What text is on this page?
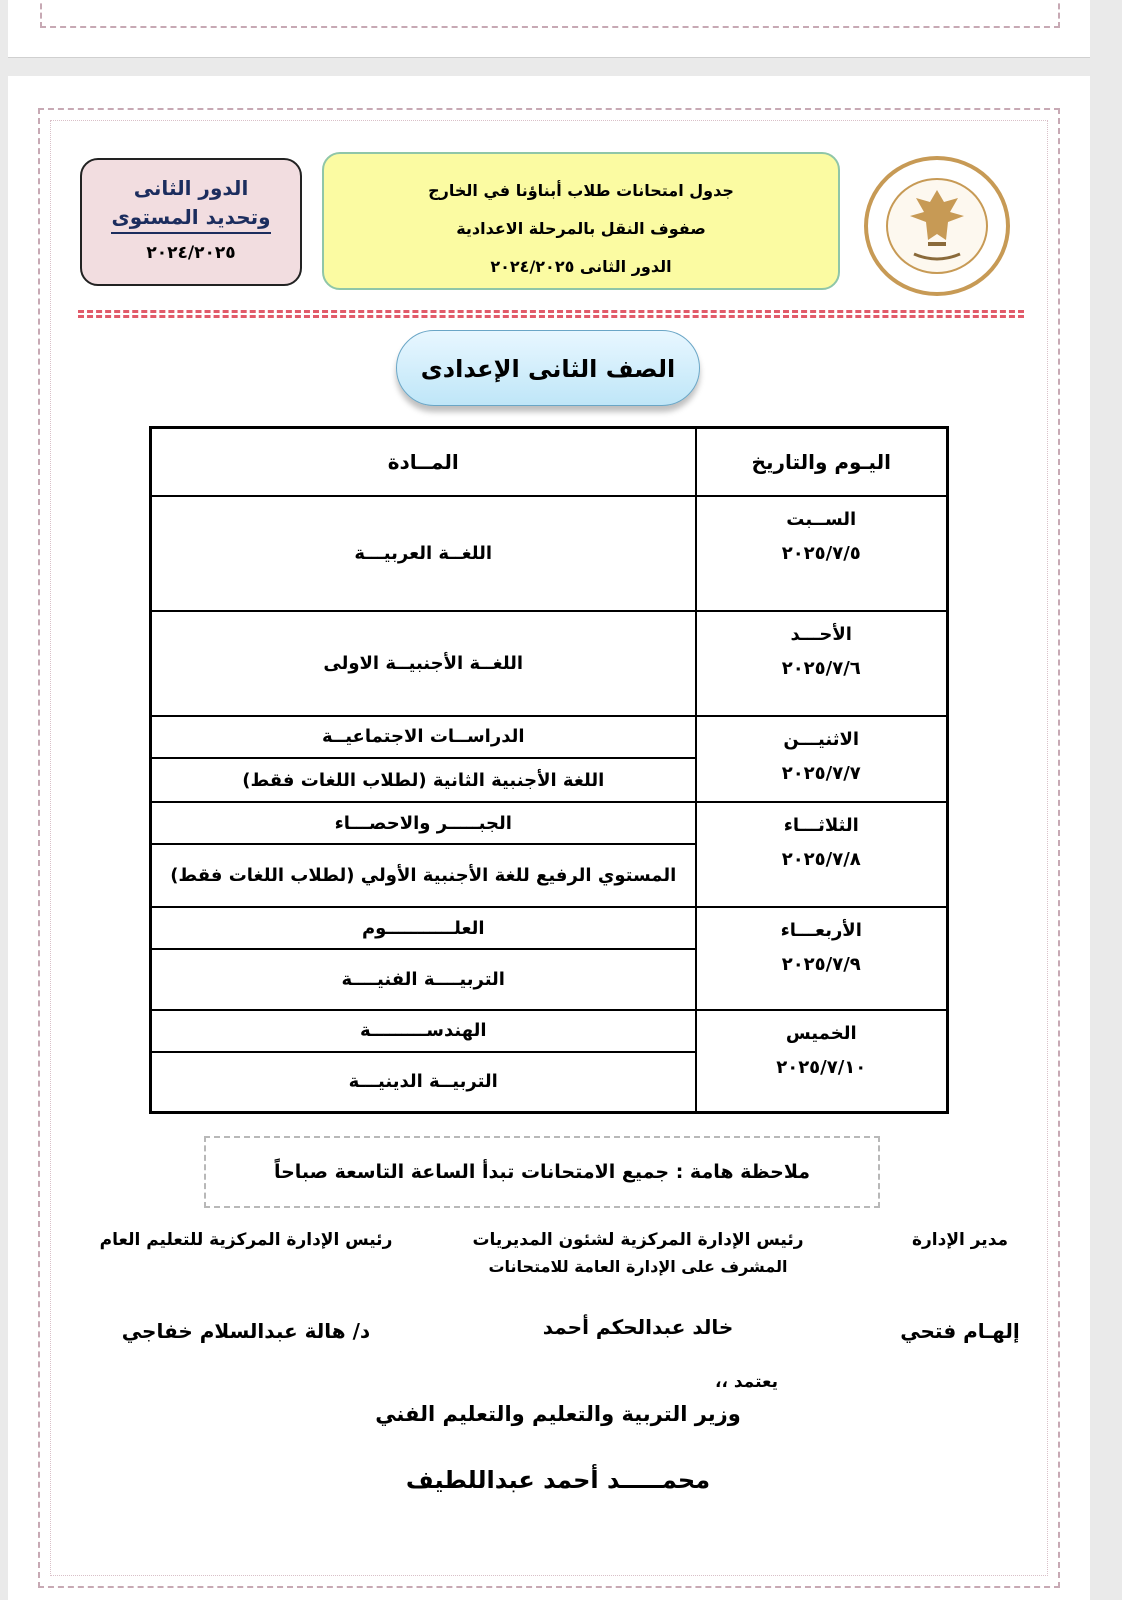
الدور الثانى
وتحديد المستوى
٢٠٢٤/٢٠٢٥
جدول امتحانات طلاب أبناؤنا في الخارج
صفوف النقل بالمرحلة الاعدادية
الدور الثانى ٢٠٢٤/٢٠٢٥
الصف الثانى الإعدادى
اليـوم والتاريخ	المــادة

الســبت
٢٠٢٥/٧/٥	اللغــة العربيـــة

الأحـــد
٢٠٢٥/٧/٦	اللغــة الأجنبيــة الاولى

الاثنيـــن
٢٠٢٥/٧/٧	الدراســات الاجتماعيــة
	اللغة الأجنبية الثانية (لطلاب اللغات فقط)

الثلاثـــاء
٢٠٢٥/٧/٨	الجبـــــر والاحصـــاء
	المستوي الرفيع للغة الأجنبية الأولي (لطلاب اللغات فقط)

الأربعـــاء
٢٠٢٥/٧/٩	العلـــــــــــوم
	التربيــــة الفنيــــة

الخميس
٢٠٢٥/٧/١٠	الهندســـــــــة
	التربيــة الدينيـــة
ملاحظة هامة : جميع الامتحانات تبدأ الساعة التاسعة صباحاً
مدير الإدارة
رئيس الإدارة المركزية لشئون المديريات
المشرف على الإدارة العامة للامتحانات
رئيس الإدارة المركزية للتعليم العام
إلهـام فتحي
خالد عبدالحكم أحمد
د/ هالة عبدالسلام خفاجي
يعتمد ،،
وزير التربية والتعليم والتعليم الفني
محمـــــد أحمد عبداللطيف
